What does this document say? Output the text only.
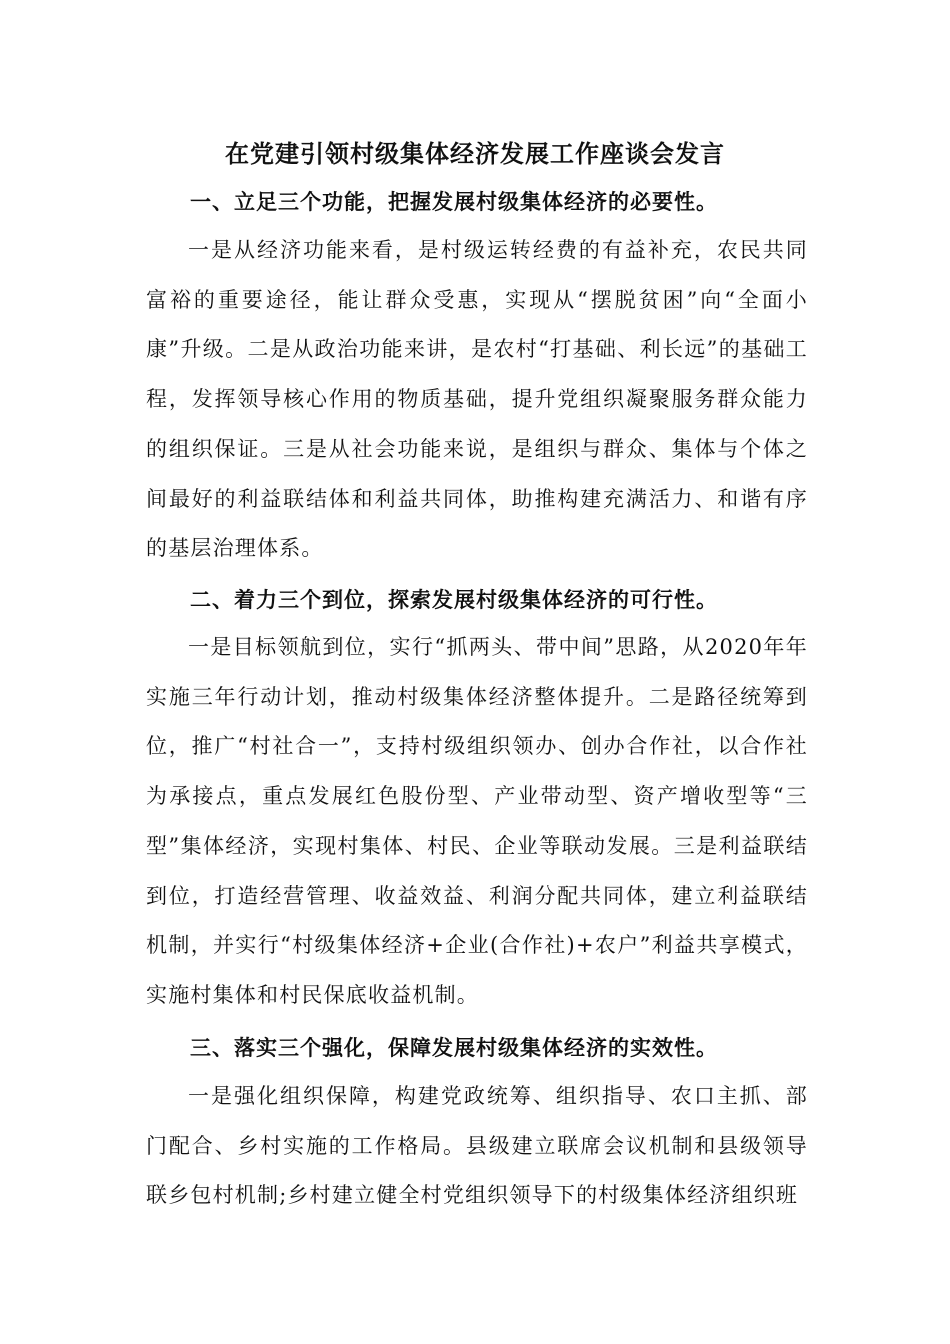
在党建引领村级集体经济发展工作座谈会发言
一、立足三个功能，把握发展村级集体经济的必要性。

一是从经济功能来看，是村级运转经费的有益补充，农民共同富裕的重要途径，能让群众受惠，实现从“摆脱贫困”向“全面小康”升级。二是从政治功能来讲，是农村“打基础、利长远”的基础工程，发挥领导核心作用的物质基础，提升党组织凝聚服务群众能力的组织保证。三是从社会功能来说，是组织与群众、集体与个体之间最好的利益联结体和利益共同体，助推构建充满活力、和谐有序的基层治理体系。

二、着力三个到位，探索发展村级集体经济的可行性。

一是目标领航到位，实行“抓两头、带中间”思路，从2020年年实施三年行动计划，推动村级集体经济整体提升。二是路径统筹到位，推广“村社合一”，支持村级组织领办、创办合作社，以合作社为承接点，重点发展红色股份型、产业带动型、资产增收型等“三型”集体经济，实现村集体、村民、企业等联动发展。三是利益联结到位，打造经营管理、收益效益、利润分配共同体，建立利益联结机制，并实行“村级集体经济+企业(合作社)+农户”利益共享模式，实施村集体和村民保底收益机制。

三、落实三个强化，保障发展村级集体经济的实效性。

一是强化组织保障，构建党政统筹、组织指导、农口主抓、部门配合、乡村实施的工作格局。县级建立联席会议机制和县级领导联乡包村机制;乡村建立健全村党组织领导下的村级集体经济组织班
